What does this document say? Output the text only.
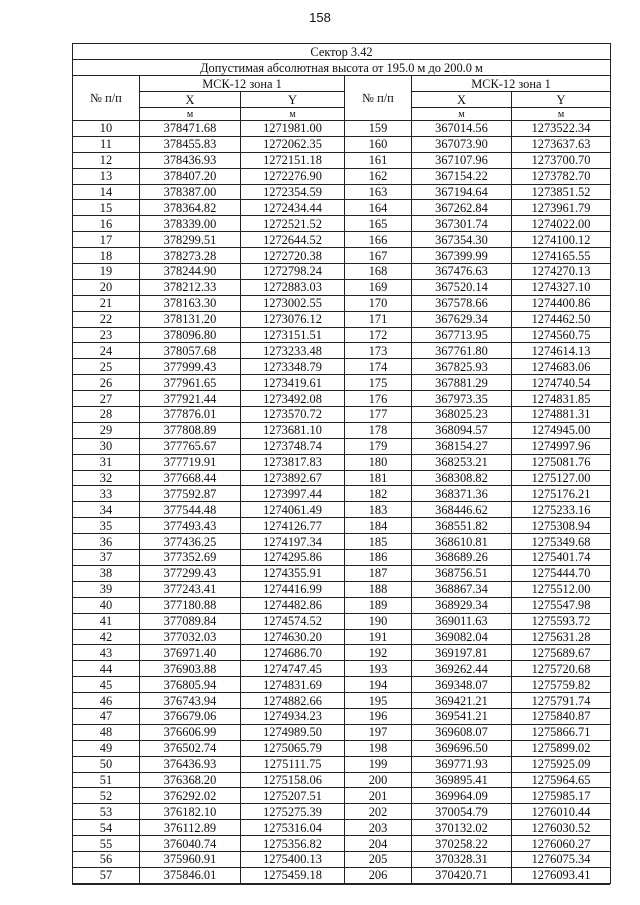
158
Сектор 3.42					
Допустимая абсолютная высота от 195.0 м до 200.0 м					
№ п/п	МСК-12 зона 1		№ п/п	МСК-12 зона 1	
	X	Y		X	Y
	м	м		м	м
10	378471.68	1271981.00	159	367014.56	1273522.34
11	378455.83	1272062.35	160	367073.90	1273637.63
12	378436.93	1272151.18	161	367107.96	1273700.70
13	378407.20	1272276.90	162	367154.22	1273782.70
14	378387.00	1272354.59	163	367194.64	1273851.52
15	378364.82	1272434.44	164	367262.84	1273961.79
16	378339.00	1272521.52	165	367301.74	1274022.00
17	378299.51	1272644.52	166	367354.30	1274100.12
18	378273.28	1272720.38	167	367399.99	1274165.55
19	378244.90	1272798.24	168	367476.63	1274270.13
20	378212.33	1272883.03	169	367520.14	1274327.10
21	378163.30	1273002.55	170	367578.66	1274400.86
22	378131.20	1273076.12	171	367629.34	1274462.50
23	378096.80	1273151.51	172	367713.95	1274560.75
24	378057.68	1273233.48	173	367761.80	1274614.13
25	377999.43	1273348.79	174	367825.93	1274683.06
26	377961.65	1273419.61	175	367881.29	1274740.54
27	377921.44	1273492.08	176	367973.35	1274831.85
28	377876.01	1273570.72	177	368025.23	1274881.31
29	377808.89	1273681.10	178	368094.57	1274945.00
30	377765.67	1273748.74	179	368154.27	1274997.96
31	377719.91	1273817.83	180	368253.21	1275081.76
32	377668.44	1273892.67	181	368308.82	1275127.00
33	377592.87	1273997.44	182	368371.36	1275176.21
34	377544.48	1274061.49	183	368446.62	1275233.16
35	377493.43	1274126.77	184	368551.82	1275308.94
36	377436.25	1274197.34	185	368610.81	1275349.68
37	377352.69	1274295.86	186	368689.26	1275401.74
38	377299.43	1274355.91	187	368756.51	1275444.70
39	377243.41	1274416.99	188	368867.34	1275512.00
40	377180.88	1274482.86	189	368929.34	1275547.98
41	377089.84	1274574.52	190	369011.63	1275593.72
42	377032.03	1274630.20	191	369082.04	1275631.28
43	376971.40	1274686.70	192	369197.81	1275689.67
44	376903.88	1274747.45	193	369262.44	1275720.68
45	376805.94	1274831.69	194	369348.07	1275759.82
46	376743.94	1274882.66	195	369421.21	1275791.74
47	376679.06	1274934.23	196	369541.21	1275840.87
48	376606.99	1274989.50	197	369608.07	1275866.71
49	376502.74	1275065.79	198	369696.50	1275899.02
50	376436.93	1275111.75	199	369771.93	1275925.09
51	376368.20	1275158.06	200	369895.41	1275964.65
52	376292.02	1275207.51	201	369964.09	1275985.17
53	376182.10	1275275.39	202	370054.79	1276010.44
54	376112.89	1275316.04	203	370132.02	1276030.52
55	376040.74	1275356.82	204	370258.22	1276060.27
56	375960.91	1275400.13	205	370328.31	1276075.34
57	375846.01	1275459.18	206	370420.71	1276093.41
